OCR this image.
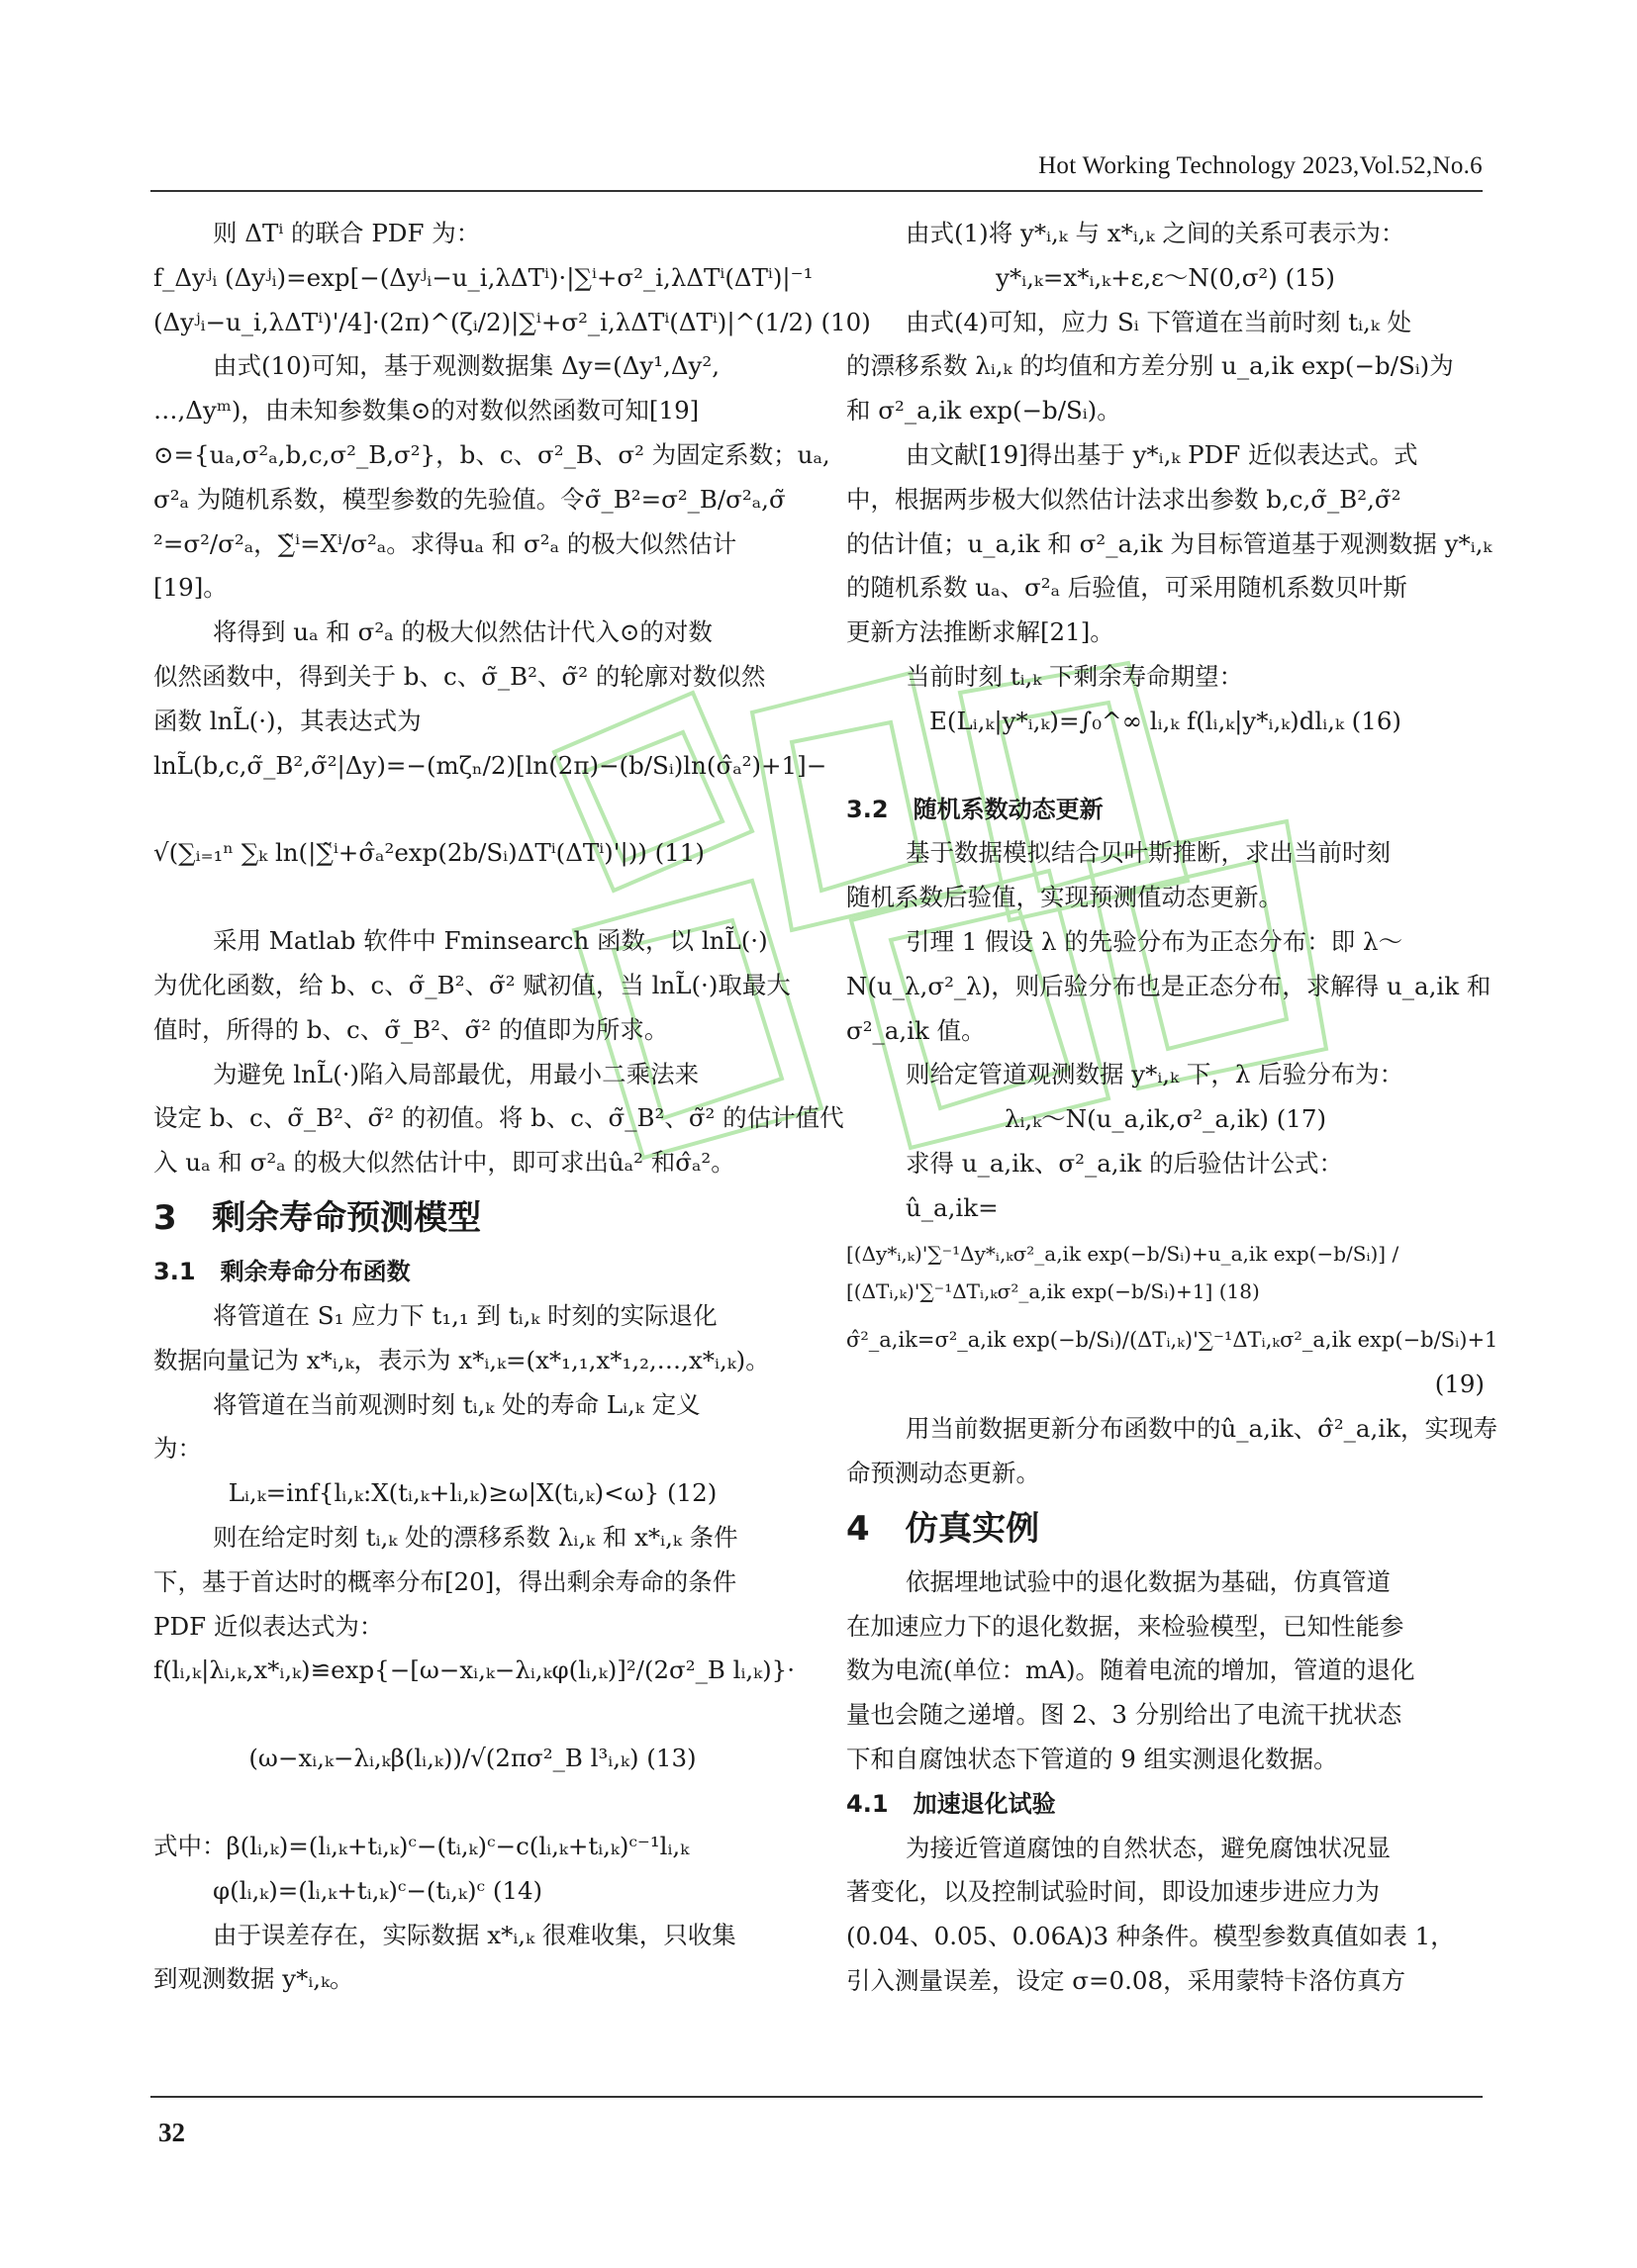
Hot Working Technology 2023,Vol.52,No.6

则 ΔTⁱ 的联合 PDF 为：

f_Δyʲᵢ (Δyʲᵢ)=exp[−(Δyʲᵢ−u_i,λΔTⁱ)·|∑ⁱ+σ²_i,λΔTⁱ(ΔTⁱ)|⁻¹

(Δyʲᵢ−u_i,λΔTⁱ)'/4]·(2π)^(ζᵢ/2)|∑ⁱ+σ²_i,λΔTⁱ(ΔTⁱ)|^(1/2) (10)

由式(10)可知，基于观测数据集 Δy=(Δy¹,Δy²,

…,Δyᵐ)，由未知参数集⊙的对数似然函数可知[19]

⊙={uₐ,σ²ₐ,b,c,σ²_B,σ²}，b、c、σ²_B、σ² 为固定系数；uₐ,

σ²ₐ 为随机系数，模型参数的先验值。令σ̃_B²=σ²_B/σ²ₐ,σ̃

²=σ²/σ²ₐ，∑̃ⁱ=Xⁱ/σ²ₐ。求得uₐ 和 σ²ₐ 的极大似然估计

[19]。

将得到 uₐ 和 σ²ₐ 的极大似然估计代入⊙的对数

似然函数中，得到关于 b、c、σ̃_B²、σ̃² 的轮廓对数似然

函数 lnL̃(·)，其表达式为

lnL̃(b,c,σ̃_B²,σ̃²|Δy)=−(mζₙ/2)[ln(2π)−(b/Sᵢ)ln(σ̂ₐ²)+1]−

√(∑ᵢ₌₁ⁿ ∑ₖ ln(|∑̃ⁱ+σ̂ₐ²exp(2b/Sᵢ)ΔTⁱ(ΔTⁱ)'|)) (11)

采用 Matlab 软件中 Fminsearch 函数，以 lnL̃(·)

为优化函数，给 b、c、σ̃_B²、σ̃² 赋初值，当 lnL̃(·)取最大

值时，所得的 b、c、σ̃_B²、σ̃² 的值即为所求。

为避免 lnL̃(·)陷入局部最优，用最小二乘法来

设定 b、c、σ̃_B²、σ̃² 的初值。将 b、c、σ̃_B²、σ̃² 的估计值代

入 uₐ 和 σ²ₐ 的极大似然估计中，即可求出ûₐ² 和σ̂ₐ²。

3 剩余寿命预测模型
3.1 剩余寿命分布函数

将管道在 S₁ 应力下 t₁,₁ 到 tᵢ,ₖ 时刻的实际退化

数据向量记为 x*ᵢ,ₖ，表示为 x*ᵢ,ₖ=(x*₁,₁,x*₁,₂,…,x*ᵢ,ₖ)。

将管道在当前观测时刻 tᵢ,ₖ 处的寿命 Lᵢ,ₖ 定义

为：

Lᵢ,ₖ=inf{lᵢ,ₖ:X(tᵢ,ₖ+lᵢ,ₖ)≥ω|X(tᵢ,ₖ)<ω} (12)

则在给定时刻 tᵢ,ₖ 处的漂移系数 λᵢ,ₖ 和 x*ᵢ,ₖ 条件

下，基于首达时的概率分布[20]，得出剩余寿命的条件

PDF 近似表达式为：

f(lᵢ,ₖ|λᵢ,ₖ,x*ᵢ,ₖ)≌exp{−[ω−xᵢ,ₖ−λᵢ,ₖφ(lᵢ,ₖ)]²/(2σ²_B lᵢ,ₖ)}·

(ω−xᵢ,ₖ−λᵢ,ₖβ(lᵢ,ₖ))/√(2πσ²_B l³ᵢ,ₖ) (13)

式中：β(lᵢ,ₖ)=(lᵢ,ₖ+tᵢ,ₖ)ᶜ−(tᵢ,ₖ)ᶜ−c(lᵢ,ₖ+tᵢ,ₖ)ᶜ⁻¹lᵢ,ₖ

φ(lᵢ,ₖ)=(lᵢ,ₖ+tᵢ,ₖ)ᶜ−(tᵢ,ₖ)ᶜ (14)

由于误差存在，实际数据 x*ᵢ,ₖ 很难收集，只收集

到观测数据 y*ᵢ,ₖ。

由式(1)将 y*ᵢ,ₖ 与 x*ᵢ,ₖ 之间的关系可表示为：

y*ᵢ,ₖ=x*ᵢ,ₖ+ε,ε～N(0,σ²) (15)

由式(4)可知，应力 Sᵢ 下管道在当前时刻 tᵢ,ₖ 处

的漂移系数 λᵢ,ₖ 的均值和方差分别 u_a,ik exp(−b/Sᵢ)为

和 σ²_a,ik exp(−b/Sᵢ)。

由文献[19]得出基于 y*ᵢ,ₖ PDF 近似表达式。式

中，根据两步极大似然估计法求出参数 b,c,σ̃_B²,σ̃²

的估计值；u_a,ik 和 σ²_a,ik 为目标管道基于观测数据 y*ᵢ,ₖ

的随机系数 uₐ、σ²ₐ 后验值，可采用随机系数贝叶斯

更新方法推断求解[21]。

当前时刻 tᵢ,ₖ 下剩余寿命期望：

E(Lᵢ,ₖ|y*ᵢ,ₖ)=∫₀^∞ lᵢ,ₖ f(lᵢ,ₖ|y*ᵢ,ₖ)dlᵢ,ₖ (16)

3.2 随机系数动态更新

基于数据模拟结合贝叶斯推断，求出当前时刻

随机系数后验值，实现预测值动态更新。

引理 1 假设 λ 的先验分布为正态分布：即 λ～

N(u_λ,σ²_λ)，则后验分布也是正态分布，求解得 u_a,ik 和

σ²_a,ik 值。

则给定管道观测数据 y*ᵢ,ₖ 下，λ 后验分布为：

λᵢ,ₖ～N(u_a,ik,σ²_a,ik) (17)

求得 u_a,ik、σ²_a,ik 的后验估计公式：

û_a,ik=

[(Δy*ᵢ,ₖ)'∑⁻¹Δy*ᵢ,ₖσ²_a,ik exp(−b/Sᵢ)+u_a,ik exp(−b/Sᵢ)] / [(ΔTᵢ,ₖ)'∑⁻¹ΔTᵢ,ₖσ²_a,ik exp(−b/Sᵢ)+1] (18)

σ̂²_a,ik=σ²_a,ik exp(−b/Sᵢ)/(ΔTᵢ,ₖ)'∑⁻¹ΔTᵢ,ₖσ²_a,ik exp(−b/Sᵢ)+1

(19)

用当前数据更新分布函数中的û_a,ik、σ̂²_a,ik，实现寿

命预测动态更新。

4 仿真实例

依据埋地试验中的退化数据为基础，仿真管道

在加速应力下的退化数据，来检验模型，已知性能参

数为电流(单位：mA)。随着电流的增加，管道的退化

量也会随之递增。图 2、3 分别给出了电流干扰状态

下和自腐蚀状态下管道的 9 组实测退化数据。

4.1 加速退化试验

为接近管道腐蚀的自然状态，避免腐蚀状况显

著变化，以及控制试验时间，即设加速步进应力为

(0.04、0.05、0.06A)3 种条件。模型参数真值如表 1，

引入测量误差，设定 σ=0.08，采用蒙特卡洛仿真方

32
